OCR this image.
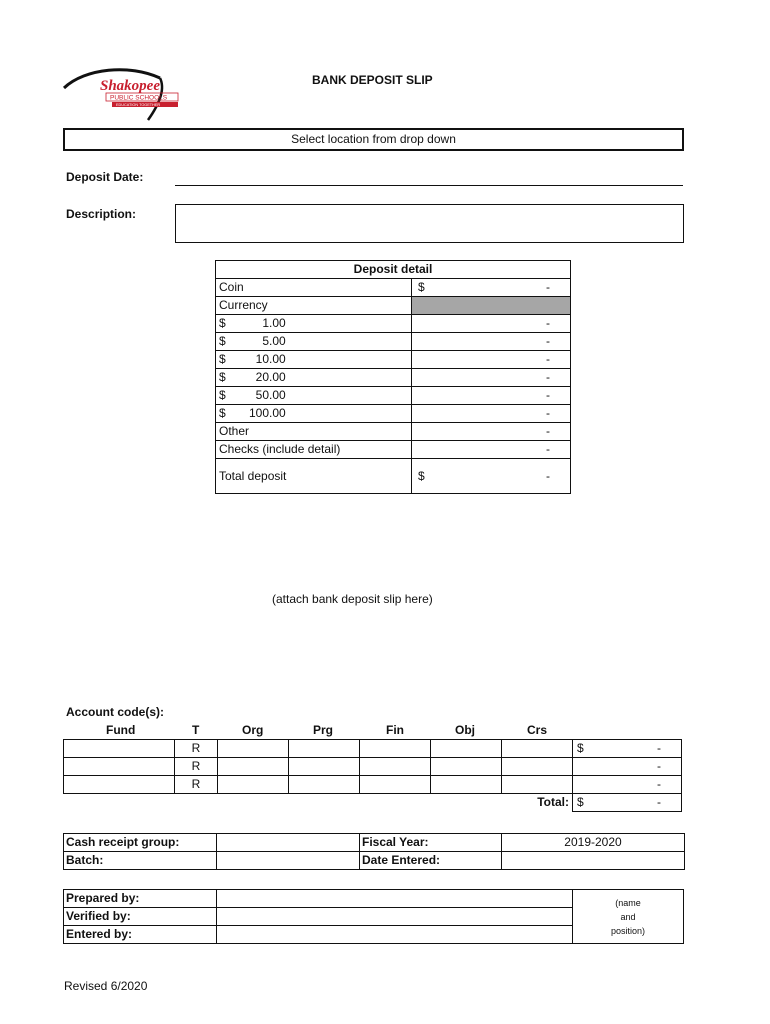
Shakopee
PUBLIC SCHOOLS
EDUCATION TOGETHER
BANK DEPOSIT SLIP
Select location from drop down
Deposit Date:
Description:
Deposit detail	
Coin	$ -
Currency	
$ 1.00	-
$ 5.00	-
$ 10.00	-
$ 20.00	-
$ 50.00	-
$ 100.00	-
Other	-
Checks (include detail)	-
Total deposit	$ -
(attach bank deposit slip here)
Account code(s):
Fund	T	Org	Prg	Fin	Obj	Crs
	R						$ -
	R						-
	R						-
Total:							$ -
Cash receipt group:		Fiscal Year:	2019-2020
Batch:		Date Entered:	
Prepared by:		(name
and
position)

Verified by:		
Entered by:		
Revised 6/2020
